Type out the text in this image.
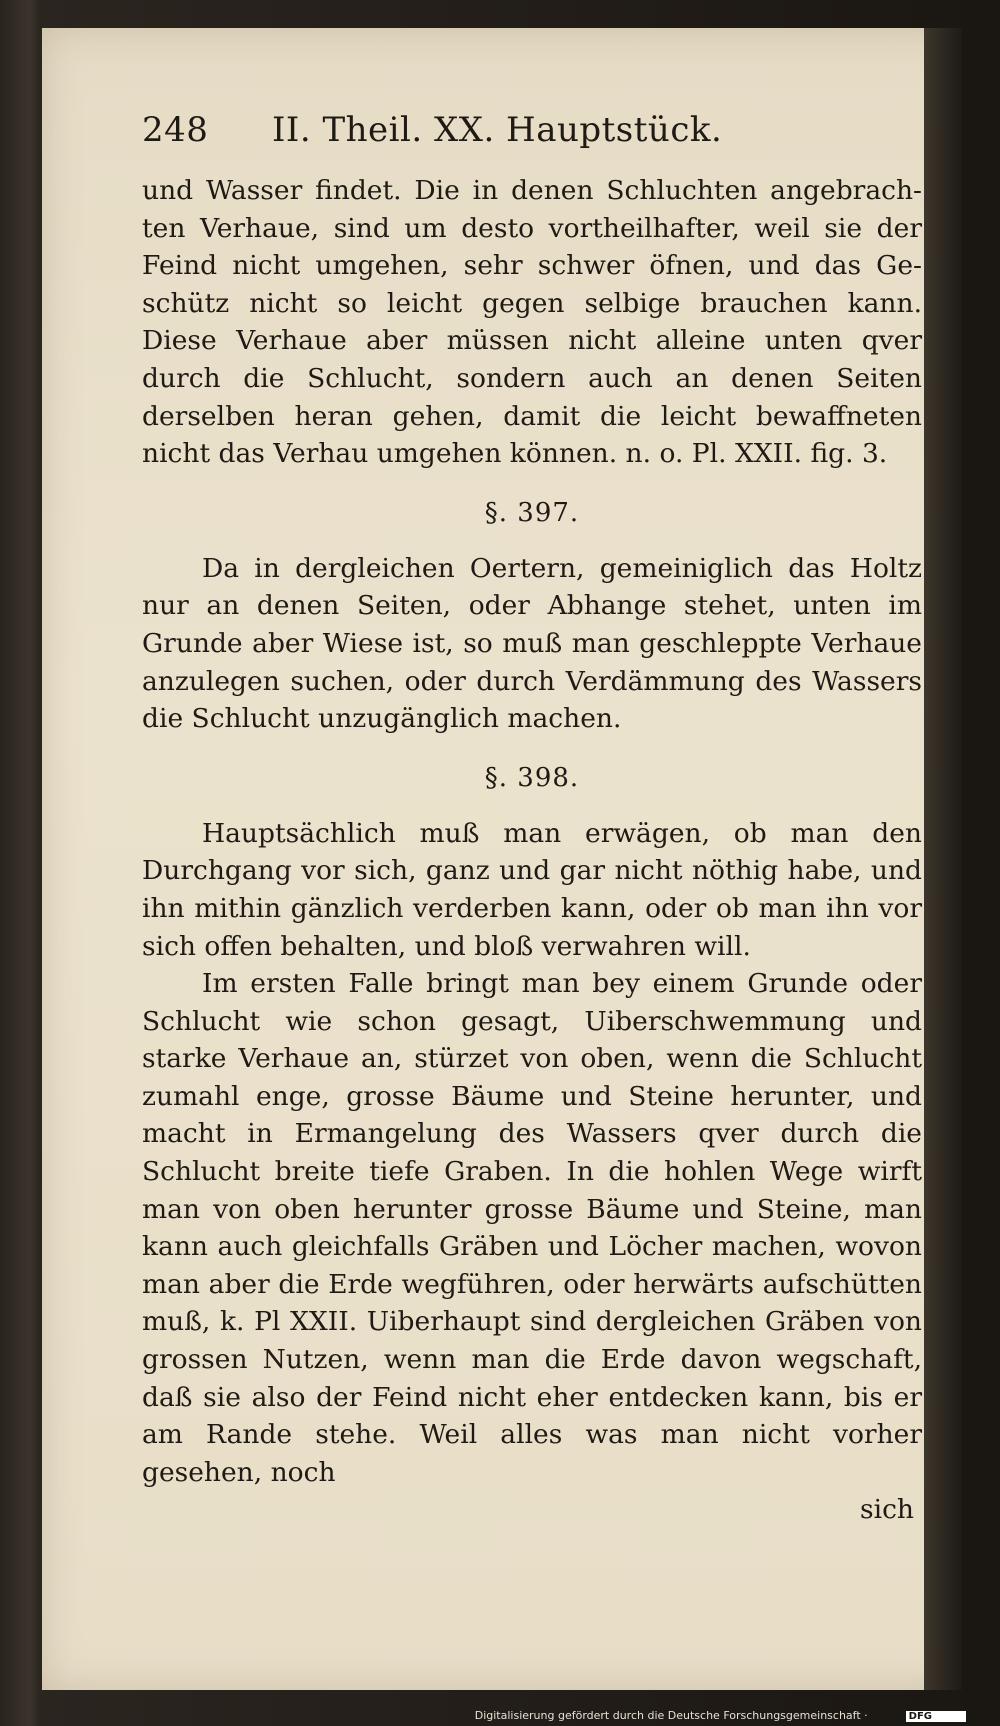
248	II. Theil. XX. Hauptstück.

und Wasser findet. Die in denen Schluchten angebrachten Verhaue, sind um desto vortheilhafter, weil sie der Feind nicht umgehen, sehr schwer öfnen, und das Geschütz nicht so leicht gegen selbige brauchen kann. Diese Verhaue aber müssen nicht alleine unten qver durch die Schlucht, sondern auch an denen Seiten derselben heran gehen, damit die leicht bewaffneten nicht das Verhau umgehen können. n. o. Pl. XXII. fig. 3.

§. 397.

Da in dergleichen Oertern, gemeiniglich das Holtz nur an denen Seiten, oder Abhange stehet, unten im Grunde aber Wiese ist, so muß man geschleppte Verhaue anzulegen suchen, oder durch Verdämmung des Wassers die Schlucht unzugänglich machen.

§. 398.

Hauptsächlich muß man erwägen, ob man den Durchgang vor sich, ganz und gar nicht nöthig habe, und ihn mithin gänzlich verderben kann, oder ob man ihn vor sich offen behalten, und bloß verwahren will.

Im ersten Falle bringt man bey einem Grunde oder Schlucht wie schon gesagt, Uiberschwemmung und starke Verhaue an, stürzet von oben, wenn die Schlucht zumahl enge, grosse Bäume und Steine herunter, und macht in Ermangelung des Wassers qver durch die Schlucht breite tiefe Graben. In die hohlen Wege wirft man von oben herunter grosse Bäume und Steine, man kann auch gleichfalls Gräben und Löcher machen, wovon man aber die Erde wegführen, oder herwärts aufschütten muß, k. Pl XXII. Uiberhaupt sind dergleichen Gräben von grossen Nutzen, wenn man die Erde davon wegschaft, daß sie also der Feind nicht eher entdecken kann, bis er am Rande stehe. Weil alles was man nicht vorher gesehen, noch

sich
Digitalisierung gefördert durch die Deutsche Forschungsgemeinschaft ·	DFG
